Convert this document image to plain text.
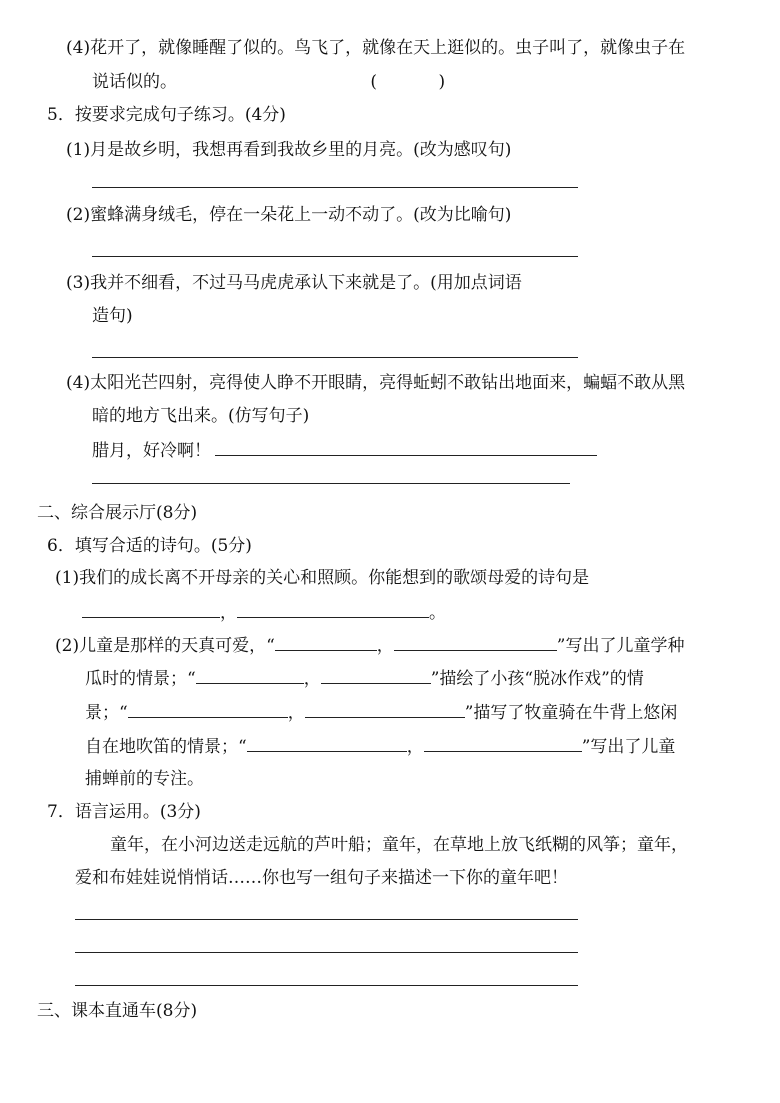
(4)花开了，就像睡醒了似的。鸟飞了，就像在天上逛似的。虫子叫了，就像虫子在
说话似的。	(	)
5．按要求完成句子练习。(4分)
(1)月是故乡明，我想再看到我故乡里的月亮。(改为感叹句)
(2)蜜蜂满身绒毛，停在一朵花上一动不动了。(改为比喻句)
(3)我并不细看，不过马马虎虎承认下来就是了。(用加点词语
造句)
(4)太阳光芒四射，亮得使人睁不开眼睛，亮得蚯蚓不敢钻出地面来，蝙蝠不敢从黑
暗的地方飞出来。(仿写句子)
腊月，好冷啊！
二、综合展示厅(8分)
6．填写合适的诗句。(5分)
(1)我们的成长离不开母亲的关心和照顾。你能想到的歌颂母爱的诗句是
，	。
(2)儿童是那样的天真可爱，“	，	”写出了儿童学种
瓜时的情景；“	，	”描绘了小孩“脱冰作戏”的情
景；“	，	”描写了牧童骑在牛背上悠闲
自在地吹笛的情景；“	，	”写出了儿童
捕蝉前的专注。
7．语言运用。(3分)
童年，在小河边送走远航的芦叶船；童年，在草地上放飞纸糊的风筝；童年，
爱和布娃娃说悄悄话……你也写一组句子来描述一下你的童年吧！
三、课本直通车(8分)
